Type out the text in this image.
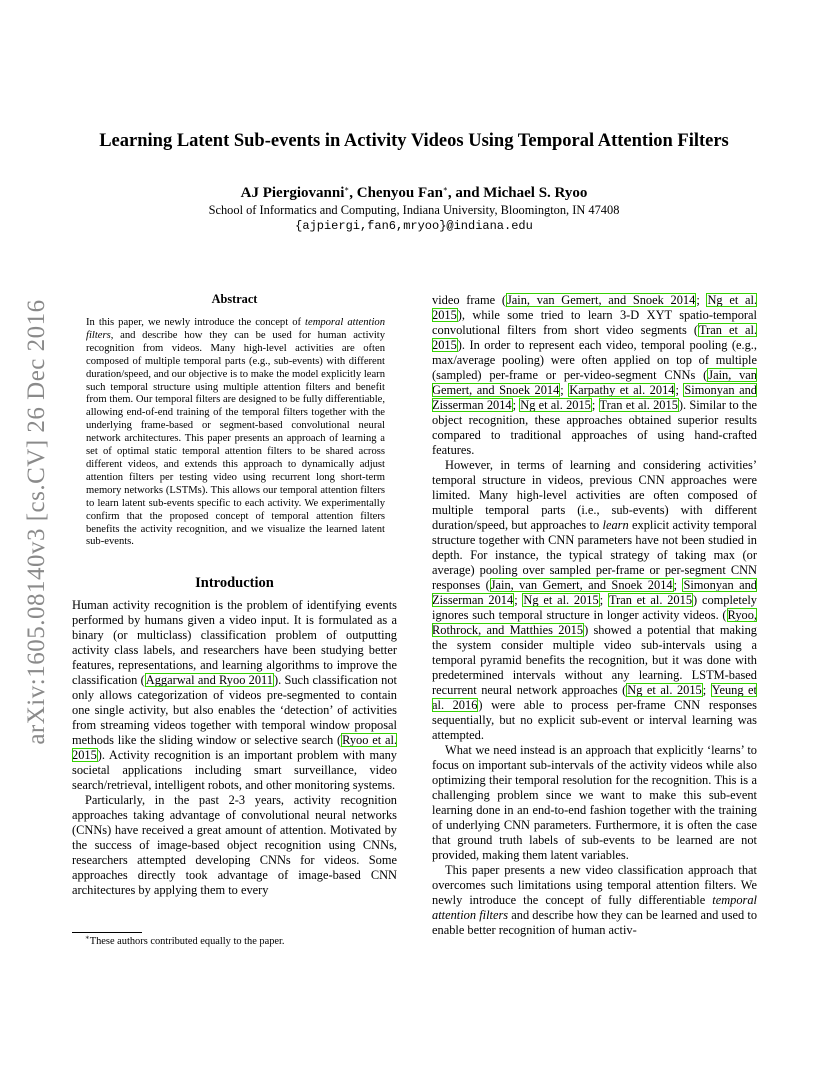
arXiv:1605.08140v3 [cs.CV] 26 Dec 2016
Learning Latent Sub-events in Activity Videos Using Temporal Attention Filters
AJ Piergiovanni∗, Chenyou Fan∗, and Michael S. Ryoo
School of Informatics and Computing, Indiana University, Bloomington, IN 47408
{ajpiergi,fan6,mryoo}@indiana.edu
Abstract
In this paper, we newly introduce the concept of temporal attention filters, and describe how they can be used for human activity recognition from videos. Many high-level activities are often composed of multiple temporal parts (e.g., sub-events) with different duration/speed, and our objective is to make the model explicitly learn such temporal structure using multiple attention filters and benefit from them. Our temporal filters are designed to be fully differentiable, allowing end-of-end training of the temporal filters together with the underlying frame-based or segment-based convolutional neural network architectures. This paper presents an approach of learning a set of optimal static temporal attention filters to be shared across different videos, and extends this approach to dynamically adjust attention filters per testing video using recurrent long short-term memory networks (LSTMs). This allows our temporal attention filters to learn latent sub-events specific to each activity. We experimentally confirm that the proposed concept of temporal attention filters benefits the activity recognition, and we visualize the learned latent sub-events.
Introduction

Human activity recognition is the problem of identifying events performed by humans given a video input. It is formulated as a binary (or multiclass) classification problem of outputting activity class labels, and researchers have been studying better features, representations, and learning algorithms to improve the classification (Aggarwal and Ryoo 2011). Such classification not only allows categorization of videos pre-segmented to contain one single activity, but also enables the ‘detection’ of activities from streaming videos together with temporal window proposal methods like the sliding window or selective search (Ryoo et al. 2015). Activity recognition is an important problem with many societal applications including smart surveillance, video search/retrieval, intelligent robots, and other monitoring systems.

Particularly, in the past 2-3 years, activity recognition approaches taking advantage of convolutional neural networks (CNNs) have received a great amount of attention. Motivated by the success of image-based object recognition using CNNs, researchers attempted developing CNNs for videos. Some approaches directly took advantage of image-based CNN architectures by applying them to every

video frame (Jain, van Gemert, and Snoek 2014; Ng et al. 2015), while some tried to learn 3-D XYT spatio-temporal convolutional filters from short video segments (Tran et al. 2015). In order to represent each video, temporal pooling (e.g., max/average pooling) were often applied on top of multiple (sampled) per-frame or per-video-segment CNNs (Jain, van Gemert, and Snoek 2014; Karpathy et al. 2014; Simonyan and Zisserman 2014; Ng et al. 2015; Tran et al. 2015). Similar to the object recognition, these approaches obtained superior results compared to traditional approaches of using hand-crafted features.

However, in terms of learning and considering activities’ temporal structure in videos, previous CNN approaches were limited. Many high-level activities are often composed of multiple temporal parts (i.e., sub-events) with different duration/speed, but approaches to learn explicit activity temporal structure together with CNN parameters have not been studied in depth. For instance, the typical strategy of taking max (or average) pooling over sampled per-frame or per-segment CNN responses (Jain, van Gemert, and Snoek 2014; Simonyan and Zisserman 2014; Ng et al. 2015; Tran et al. 2015) completely ignores such temporal structure in longer activity videos. (Ryoo, Rothrock, and Matthies 2015) showed a potential that making the system consider multiple video sub-intervals using a temporal pyramid benefits the recognition, but it was done with predetermined intervals without any learning. LSTM-based recurrent neural network approaches (Ng et al. 2015; Yeung et al. 2016) were able to process per-frame CNN responses sequentially, but no explicit sub-event or interval learning was attempted.

What we need instead is an approach that explicitly ‘learns’ to focus on important sub-intervals of the activity videos while also optimizing their temporal resolution for the recognition. This is a challenging problem since we want to make this sub-event learning done in an end-to-end fashion together with the training of underlying CNN parameters. Furthermore, it is often the case that ground truth labels of sub-events to be learned are not provided, making them latent variables.

This paper presents a new video classification approach that overcomes such limitations using temporal attention filters. We newly introduce the concept of fully differentiable temporal attention filters and describe how they can be learned and used to enable better recognition of human activ-

∗These authors contributed equally to the paper.
